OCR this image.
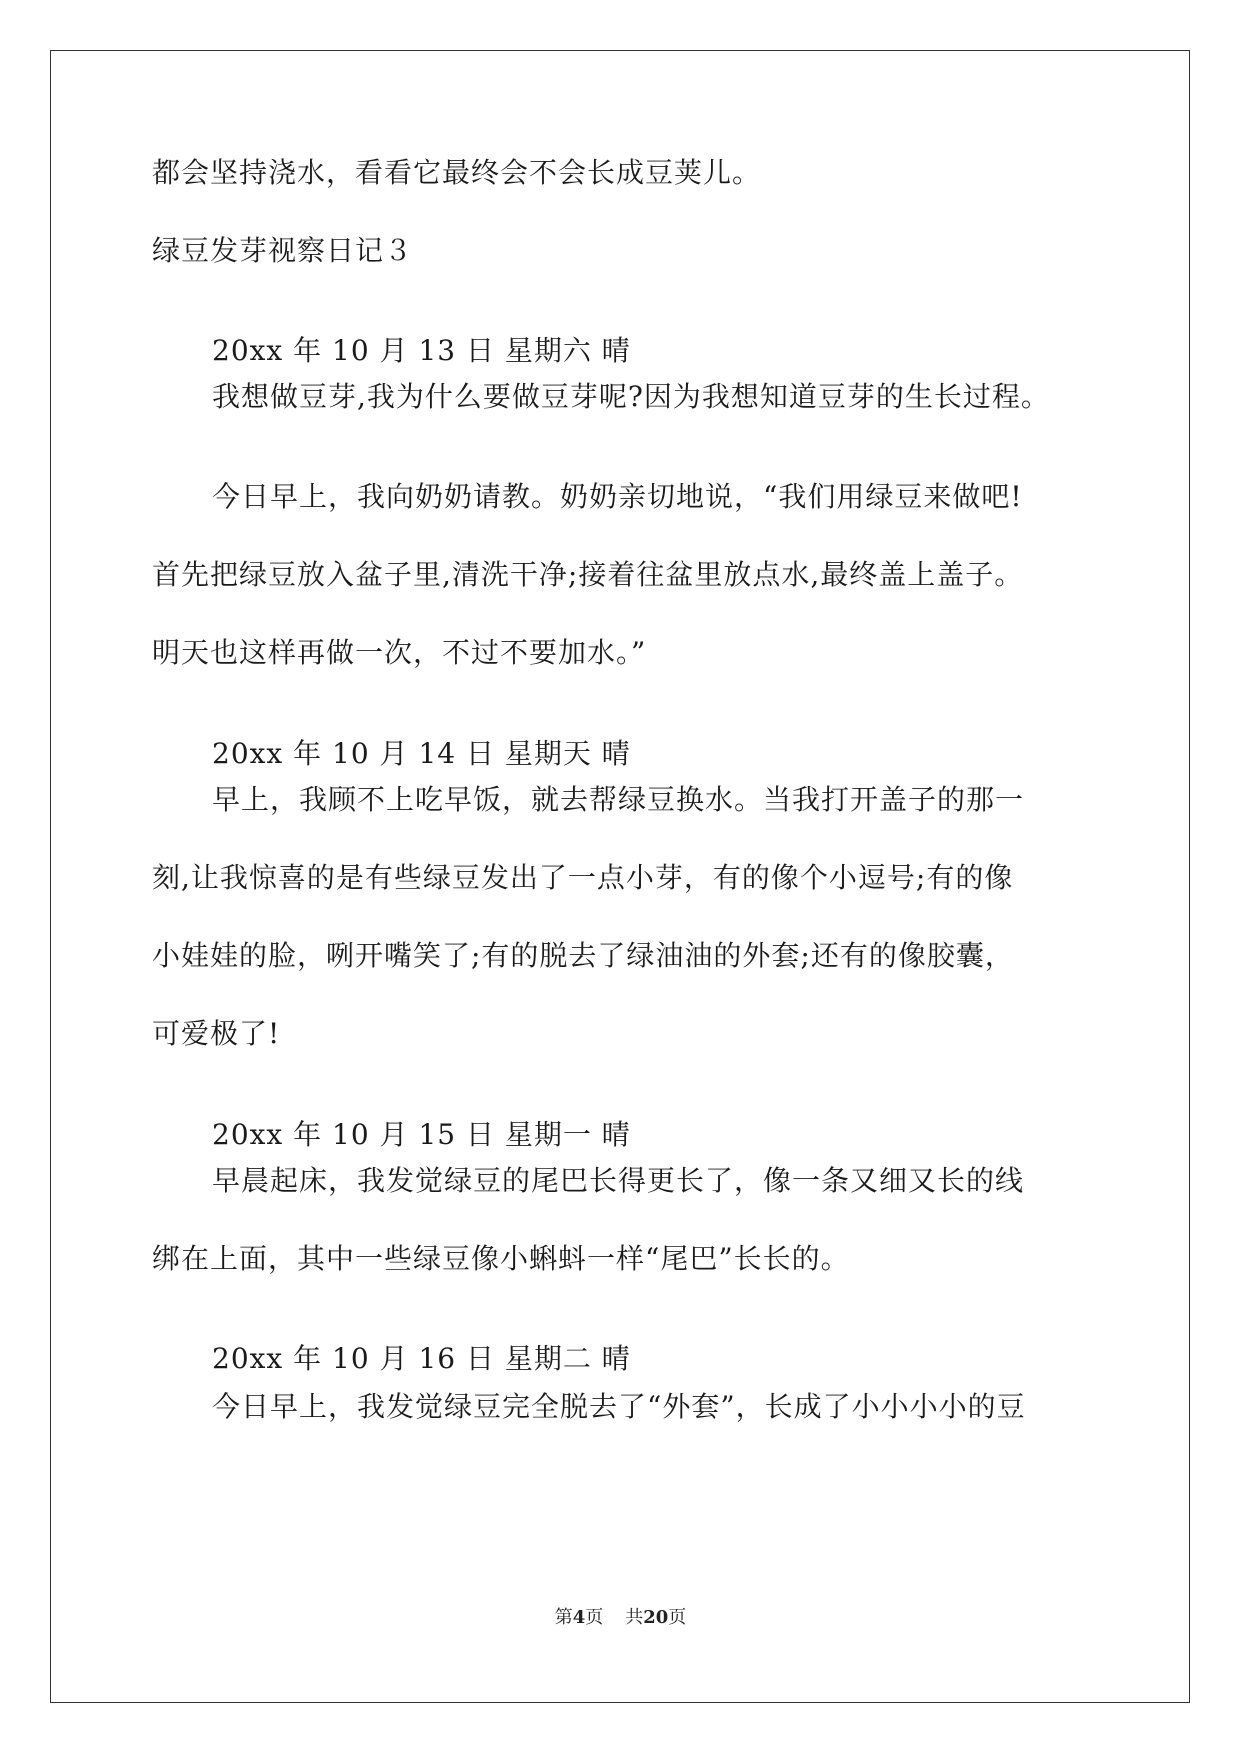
都会坚持浇水，看看它最终会不会长成豆荚儿。
绿豆发芽视察日记３
20xx 年 10 月 13 日 星期六 晴
我想做豆芽,我为什么要做豆芽呢?因为我想知道豆芽的生长过程。
今日早上，我向奶奶请教。奶奶亲切地说，“我们用绿豆来做吧!
首先把绿豆放入盆子里,清洗干净;接着往盆里放点水,最终盖上盖子。
明天也这样再做一次，不过不要加水。”
20xx 年 10 月 14 日 星期天 晴
早上，我顾不上吃早饭，就去帮绿豆换水。当我打开盖子的那一
刻,让我惊喜的是有些绿豆发出了一点小芽，有的像个小逗号;有的像
小娃娃的脸，咧开嘴笑了;有的脱去了绿油油的外套;还有的像胶囊，
可爱极了!
20xx 年 10 月 15 日 星期一 晴
早晨起床，我发觉绿豆的尾巴长得更长了，像一条又细又长的线
绑在上面，其中一些绿豆像小蝌蚪一样“尾巴”长长的。
20xx 年 10 月 16 日 星期二 晴
今日早上，我发觉绿豆完全脱去了“外套”，长成了小小小小的豆
第4页 共20页
